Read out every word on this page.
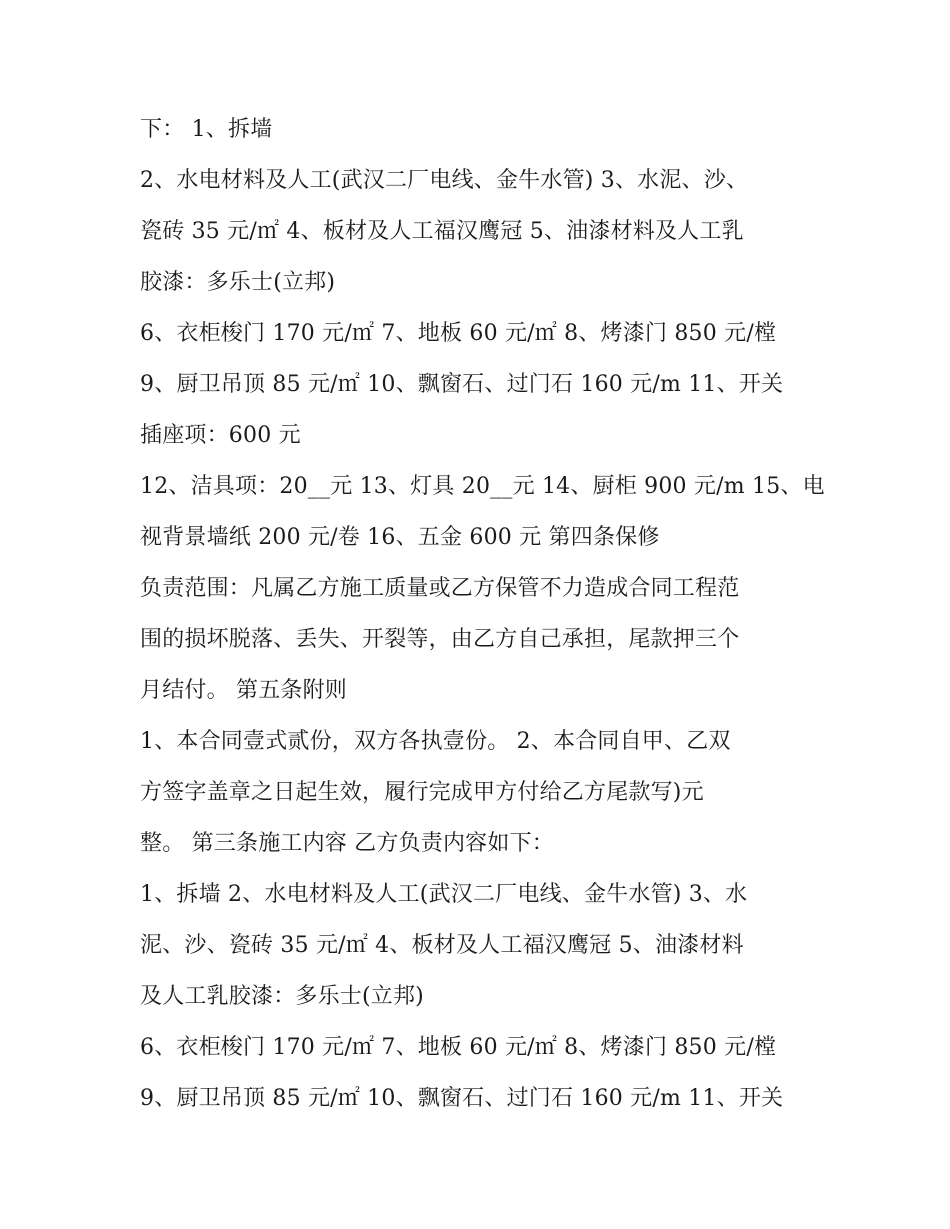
下： 1、拆墙
2、水电材料及人工(武汉二厂电线、金牛水管) 3、水泥、沙、
瓷砖 35 元/㎡ 4、板材及人工福汉鹰冠 5、油漆材料及人工乳
胶漆：多乐士(立邦)
6、衣柜梭门 170 元/㎡ 7、地板 60 元/㎡ 8、烤漆门 850 元/樘
9、厨卫吊顶 85 元/㎡ 10、飘窗石、过门石 160 元/m 11、开关
插座项：600 元
12、洁具项：20__元 13、灯具 20__元 14、厨柜 900 元/m 15、电
视背景墙纸 200 元/卷 16、五金 600 元 第四条保修
负责范围：凡属乙方施工质量或乙方保管不力造成合同工程范
围的损坏脱落、丢失、开裂等，由乙方自己承担，尾款押三个
月结付。 第五条附则
1、本合同壹式贰份，双方各执壹份。 2、本合同自甲、乙双
方签字盖章之日起生效，履行完成甲方付给乙方尾款写)元
整。 第三条施工内容 乙方负责内容如下：
1、拆墙 2、水电材料及人工(武汉二厂电线、金牛水管) 3、水
泥、沙、瓷砖 35 元/㎡ 4、板材及人工福汉鹰冠 5、油漆材料
及人工乳胶漆：多乐士(立邦)
6、衣柜梭门 170 元/㎡ 7、地板 60 元/㎡ 8、烤漆门 850 元/樘
9、厨卫吊顶 85 元/㎡ 10、飘窗石、过门石 160 元/m 11、开关
